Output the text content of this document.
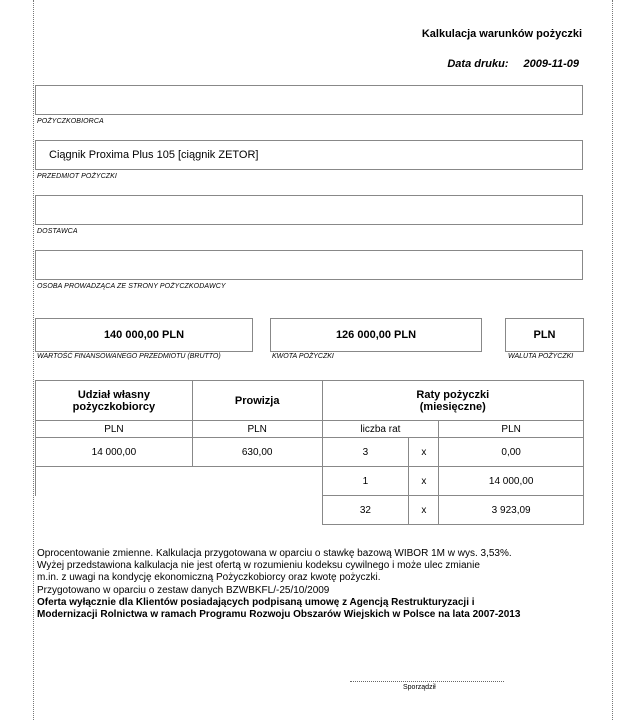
Kalkulacja warunków pożyczki
Data druku: 2009-11-09
POŻYCZKOBIORCA
Ciągnik Proxima Plus 105 [ciągnik ZETOR]
PRZEDMIOT POŻYCZKI
DOSTAWCA
OSOBA PROWADZĄCA ZE STRONY POŻYCZKODAWCY
140 000,00 PLN
WARTOŚĆ FINANSOWANEGO PRZEDMIOTU (BRUTTO)
126 000,00 PLN
KWOTA POŻYCZKI
PLN
WALUTA POŻYCZKI
Udział własny pożyczkobiorcy	Prowizja	Raty pożyczki (miesięczne)		
PLN	PLN	liczba rat		PLN
14 000,00	630,00	3	x	0,00
		1	x	14 000,00
		32	x	3 923,09
Oprocentowanie zmienne. Kalkulacja przygotowana w oparciu o stawkę bazową WIBOR 1M w wys. 3,53%.
Wyżej przedstawiona kalkulacja nie jest ofertą w rozumieniu kodeksu cywilnego i może ulec zmianie
m.in. z uwagi na kondycję ekonomiczną Pożyczkobiorcy oraz kwotę pożyczki.
Przygotowano w oparciu o zestaw danych BZWBKFL/-25/10/2009
Oferta wyłącznie dla Klientów posiadających podpisaną umowę z Agencją Restrukturyzacji i
Modernizacji Rolnictwa w ramach Programu Rozwoju Obszarów Wiejskich w Polsce na lata 2007-2013
Sporządził
